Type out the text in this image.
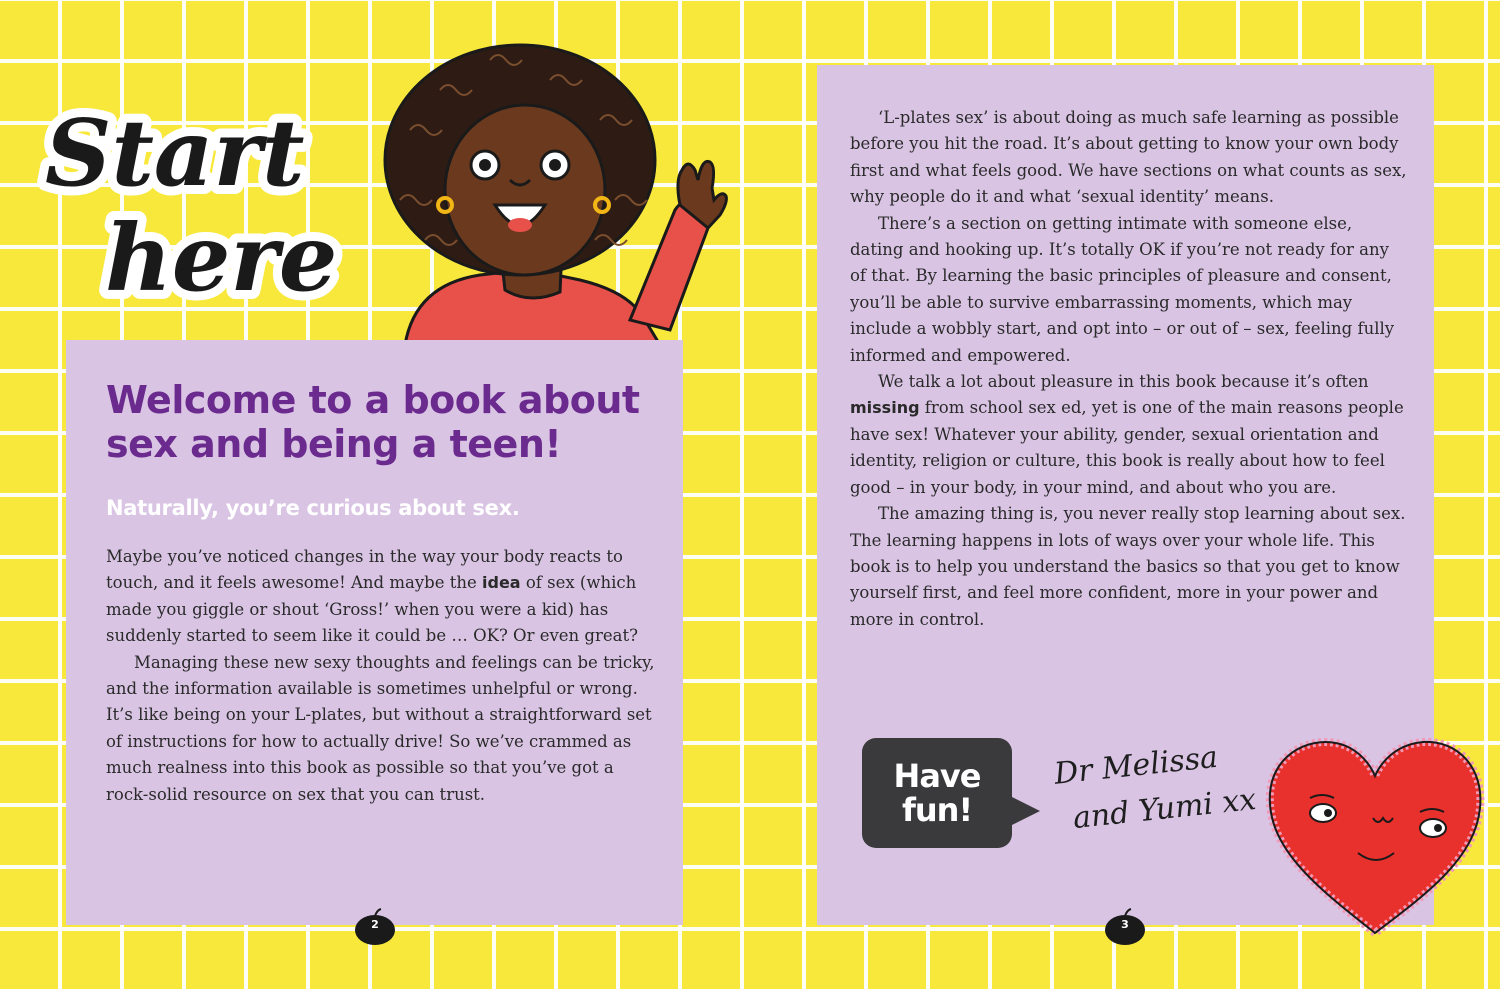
Start
here
Welcome to a book about sex and being a teen!
Naturally, you’re curious about sex.

Maybe you’ve noticed changes in the way your body reacts to touch, and it feels awesome! And maybe the idea of sex (which made you giggle or shout ‘Gross!’ when you were a kid) has suddenly started to seem like it could be … OK? Or even great?

Managing these new sexy thoughts and feelings can be tricky, and the information available is sometimes unhelpful or wrong. It’s like being on your L-plates, but without a straightforward set of instructions for how to actually drive! So we’ve crammed as much realness into this book as possible so that you’ve got a rock-solid resource on sex that you can trust.

‘L-plates sex’ is about doing as much safe learning as possible before you hit the road. It’s about getting to know your own body first and what feels good. We have sections on what counts as sex, why people do it and what ‘sexual identity’ means.

There’s a section on getting intimate with someone else, dating and hooking up. It’s totally OK if you’re not ready for any of that. By learning the basic principles of pleasure and consent, you’ll be able to survive embarrassing moments, which may include a wobbly start, and opt into – or out of – sex, feeling fully informed and empowered.

We talk a lot about pleasure in this book because it’s often missing from school sex ed, yet is one of the main reasons people have sex! Whatever your ability, gender, sexual orientation and identity, religion or culture, this book is really about how to feel good – in your body, in your mind, and about who you are.

The amazing thing is, you never really stop learning about sex. The learning happens in lots of ways over your whole life. This book is to help you understand the basics so that you get to know yourself first, and feel more confident, more in your power and more in control.

Have fun!
Dr Melissa
and Yumi xx
2	3
